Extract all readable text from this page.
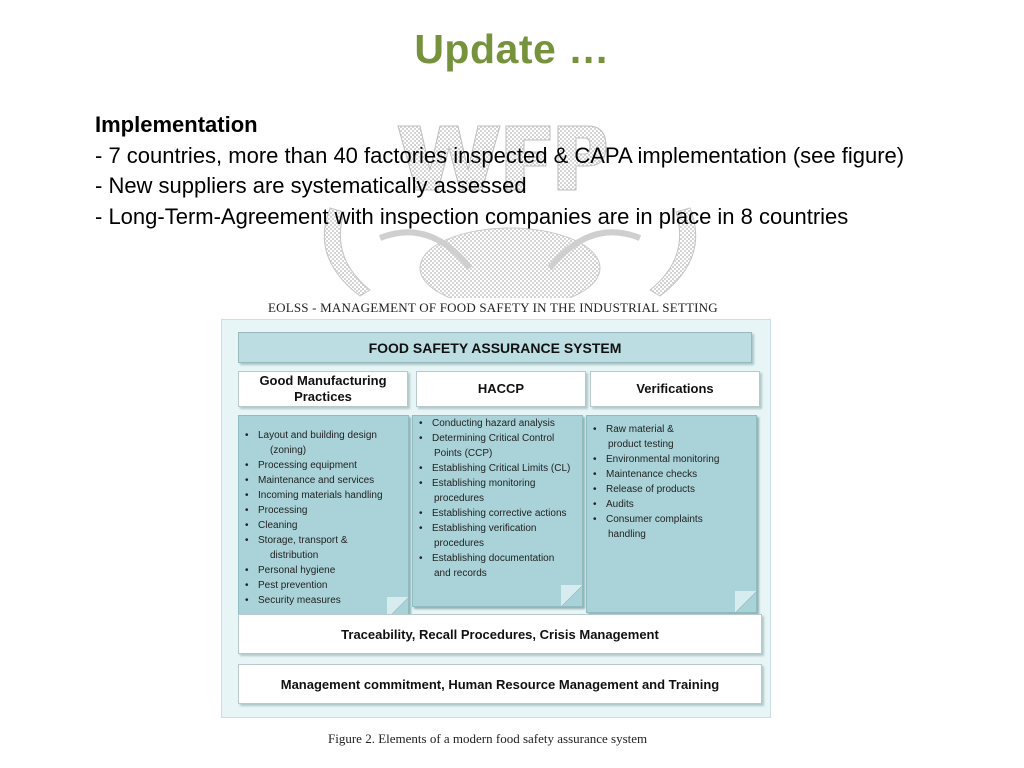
Update …
Implementation
- 7 countries, more than 40 factories inspected & CAPA implementation (see figure)
- New suppliers are systematically assessed
- Long-Term-Agreement with inspection companies are in place in 8 countries
EOLSS - MANAGEMENT OF FOOD SAFETY IN THE INDUSTRIAL SETTING
FOOD SAFETY ASSURANCE SYSTEM
Good Manufacturing Practices
HACCP	Verifications
• Layout and building design
(zoning)
• Processing equipment
• Maintenance and services
• Incoming materials handling
• Processing
• Cleaning
• Storage, transport &
distribution
• Personal hygiene
• Pest prevention
• Security measures
• Conducting hazard analysis
• Determining Critical Control
Points (CCP)
• Establishing Critical Limits (CL)
• Establishing monitoring
procedures
• Establishing corrective actions
• Establishing verification
procedures
• Establishing documentation
and records
• Raw material &
product testing
• Environmental monitoring
• Maintenance checks
• Release of products
• Audits
• Consumer complaints
handling
Traceability, Recall Procedures, Crisis Management
Management commitment, Human Resource Management and Training
Figure 2. Elements of a modern food safety assurance system
